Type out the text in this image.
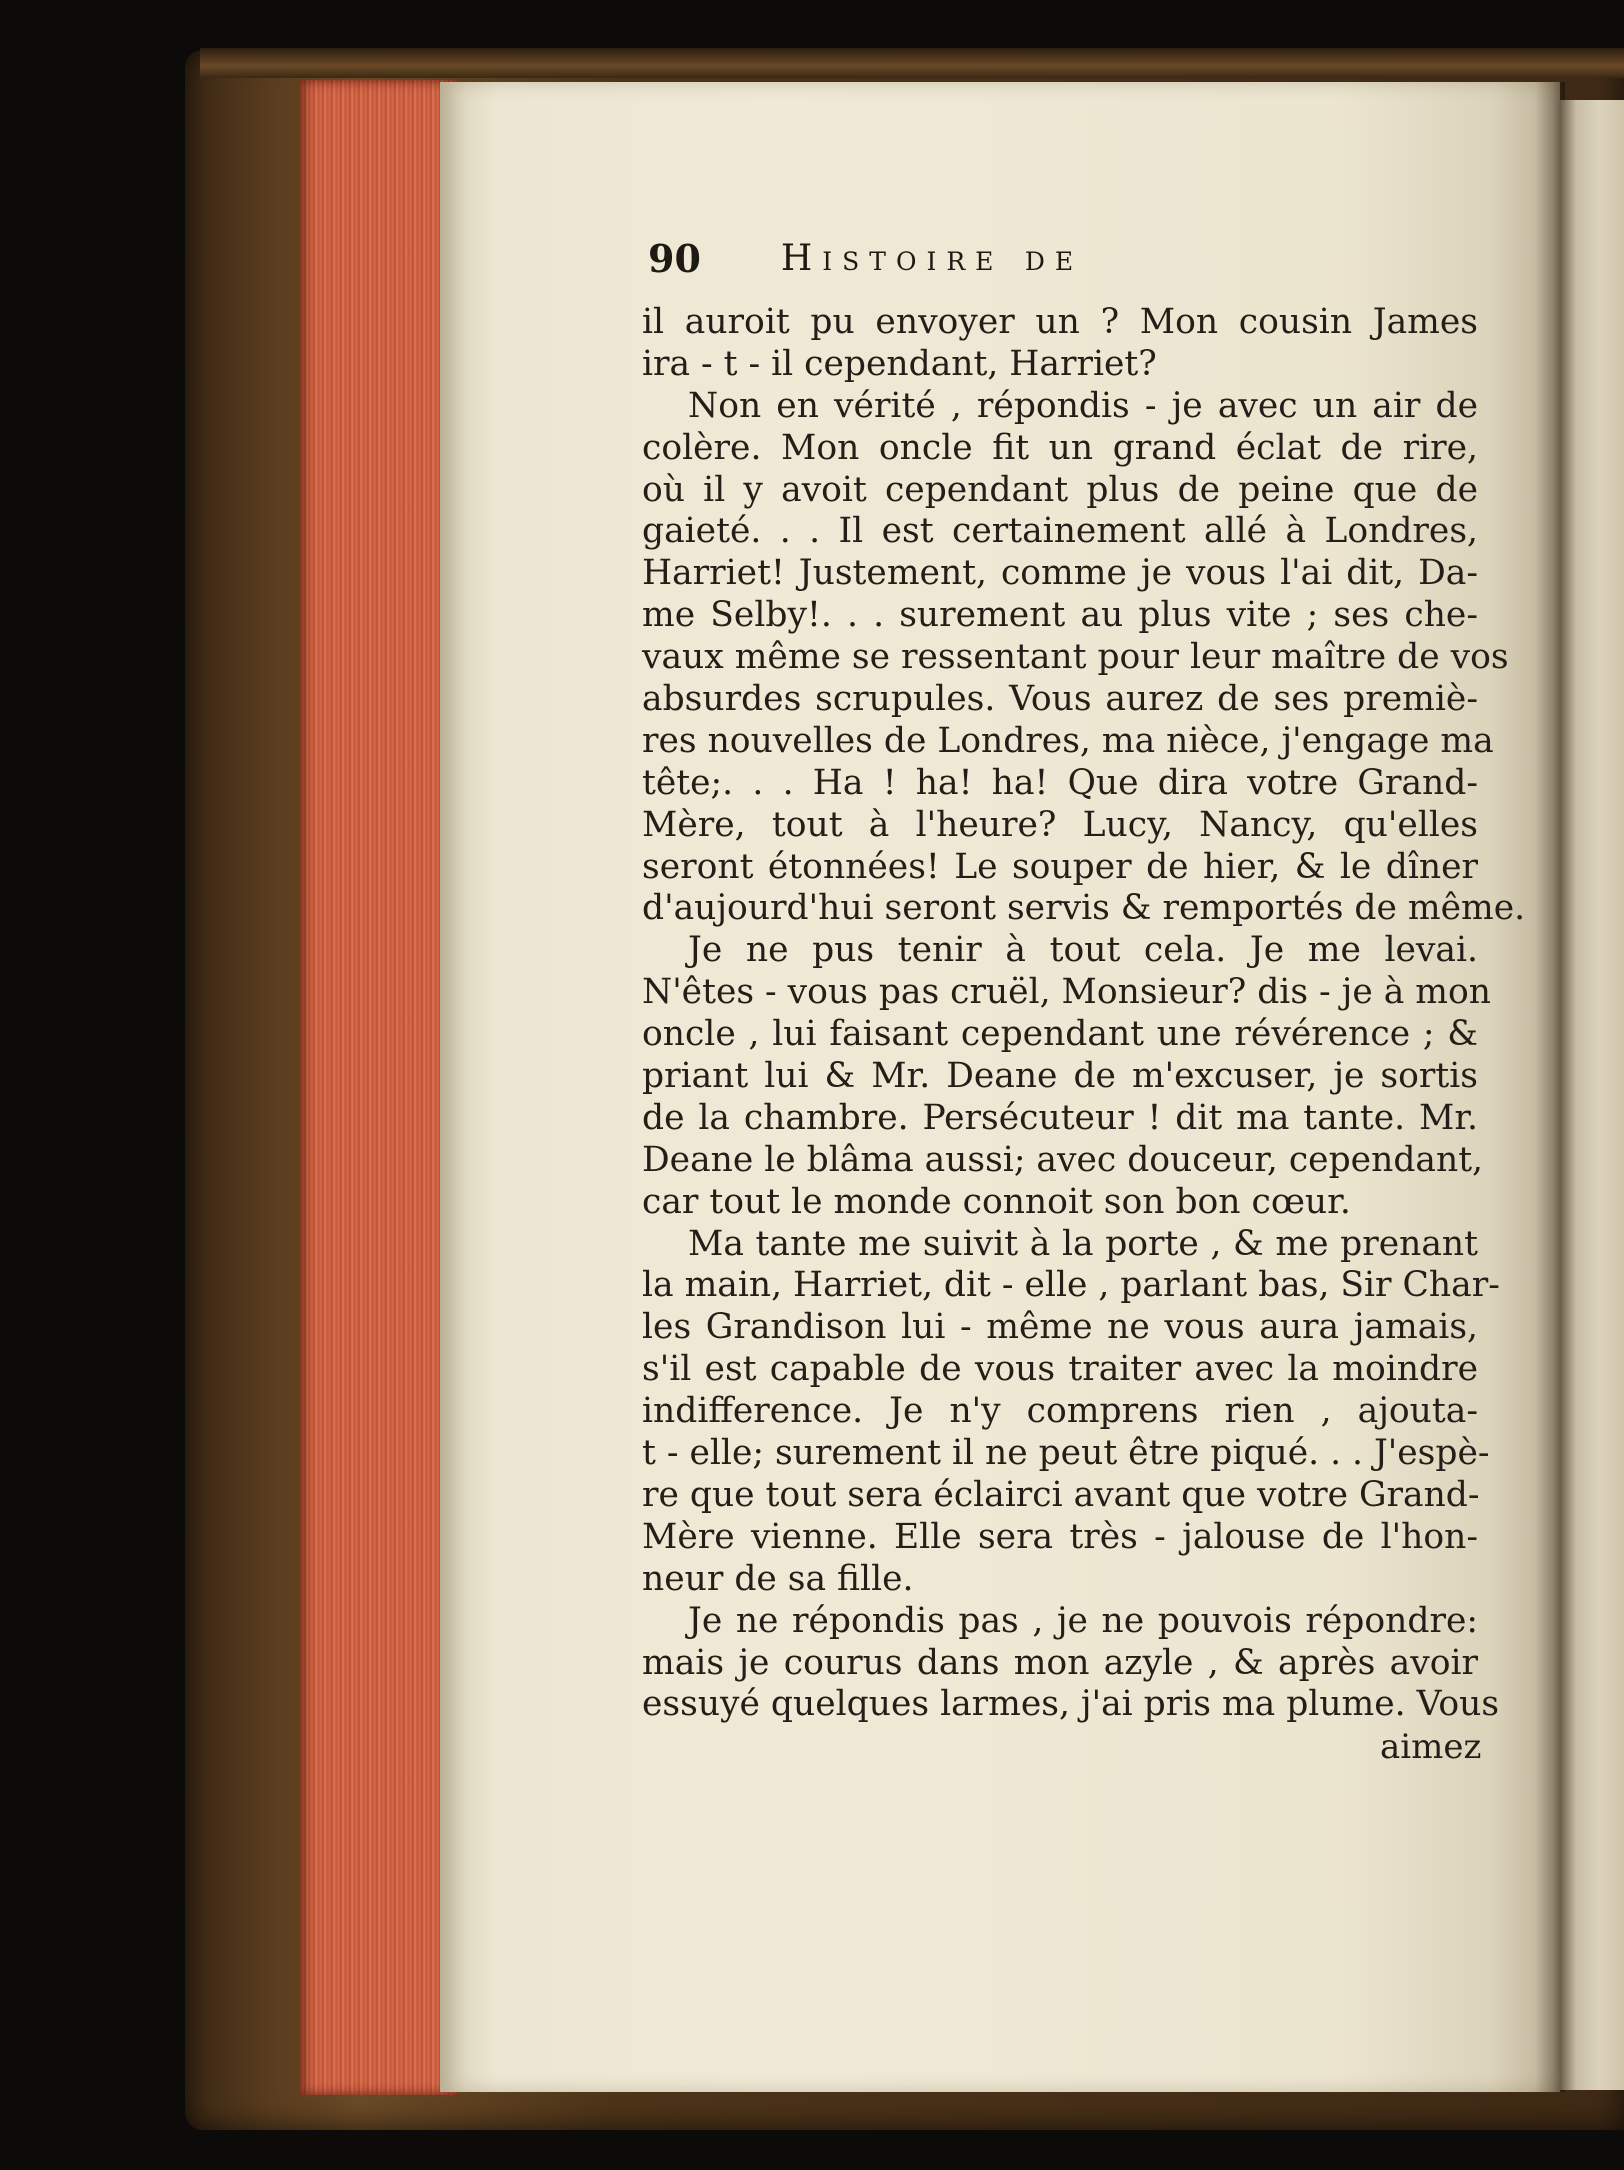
90 Histoire de
il auroit pu envoyer un ? Mon cousin James
ira - t - il cependant, Harriet?
Non en vérité , répondis - je avec un air de
colère. Mon oncle fit un grand éclat de rire,
où il y avoit cependant plus de peine que de
gaieté. . . Il est certainement allé à Londres,
Harriet! Justement, comme je vous l'ai dit, Da-
me Selby!. . . surement au plus vite ; ses che-
vaux même se ressentant pour leur maître de vos
absurdes scrupules. Vous aurez de ses premiè-
res nouvelles de Londres, ma nièce, j'engage ma
tête;. . . Ha ! ha! ha! Que dira votre Grand-
Mère, tout à l'heure? Lucy, Nancy, qu'elles
seront étonnées! Le souper de hier, & le dîner
d'aujourd'hui seront servis & remportés de même.
Je ne pus tenir à tout cela. Je me levai.
N'êtes - vous pas cruël, Monsieur? dis - je à mon
oncle , lui faisant cependant une révérence ; &
priant lui & Mr. Deane de m'excuser, je sortis
de la chambre. Persécuteur ! dit ma tante. Mr.
Deane le blâma aussi; avec douceur, cependant,
car tout le monde connoit son bon cœur.
Ma tante me suivit à la porte , & me prenant
la main, Harriet, dit - elle , parlant bas, Sir Char-
les Grandison lui - même ne vous aura jamais,
s'il est capable de vous traiter avec la moindre
indifference. Je n'y comprens rien , ajouta-
t - elle; surement il ne peut être piqué. . . J'espè-
re que tout sera éclairci avant que votre Grand-
Mère vienne. Elle sera très - jalouse de l'hon-
neur de sa fille.
Je ne répondis pas , je ne pouvois répondre:
mais je courus dans mon azyle , & après avoir
essuyé quelques larmes, j'ai pris ma plume. Vous
aimez
